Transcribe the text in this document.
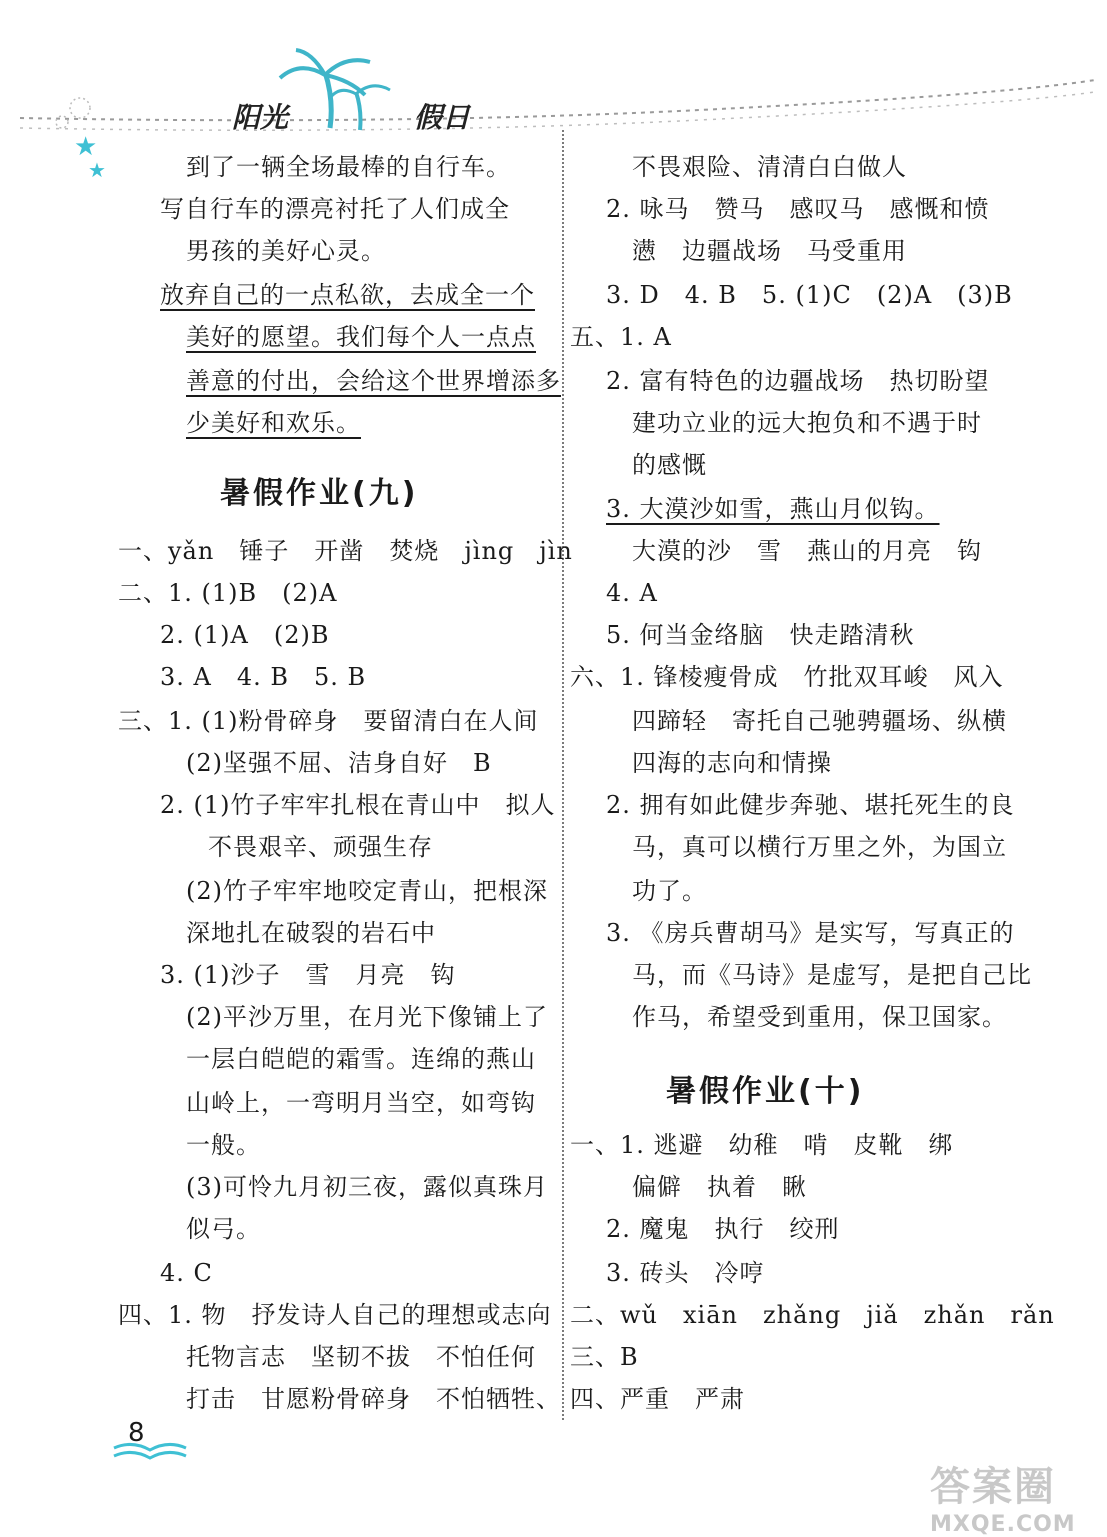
阳光	假日
★
★	到了一辆全场最棒的自行车。
写自行车的漂亮衬托了人们成全
男孩的美好心灵。
放弃自己的一点私欲，去成全一个
美好的愿望。我们每个人一点点
善意的付出，会给这个世界增添多
少美好和欢乐。
暑假作业(九)
一、yǎn　锤子　开凿　焚烧　jìng　jìn
二、1. (1)B　(2)A
2. (1)A　(2)B
3. A　4. B　5. B
三、1. (1)粉骨碎身　要留清白在人间
(2)坚强不屈、洁身自好　B
2. (1)竹子牢牢扎根在青山中　拟人
不畏艰辛、顽强生存
(2)竹子牢牢地咬定青山，把根深
深地扎在破裂的岩石中
3. (1)沙子　雪　月亮　钩
(2)平沙万里，在月光下像铺上了
一层白皑皑的霜雪。连绵的燕山
山岭上，一弯明月当空，如弯钩
一般。
(3)可怜九月初三夜，露似真珠月
似弓。
4. C
四、1. 物　抒发诗人自己的理想或志向
托物言志　坚韧不拔　不怕任何
打击　甘愿粉骨碎身　不怕牺牲、
不畏艰险、清清白白做人
2. 咏马　赞马　感叹马　感慨和愤
懑　边疆战场　马受重用
3. D　4. B　5. (1)C　(2)A　(3)B
五、1. A
2. 富有特色的边疆战场　热切盼望
建功立业的远大抱负和不遇于时
的感慨
3. 大漠沙如雪，燕山月似钩。
大漠的沙　雪　燕山的月亮　钩
4. A
5. 何当金络脑　快走踏清秋
六、1. 锋棱瘦骨成　竹批双耳峻　风入
四蹄轻　寄托自己驰骋疆场、纵横
四海的志向和情操
2. 拥有如此健步奔驰、堪托死生的良
马，真可以横行万里之外，为国立
功了。
3. 《房兵曹胡马》是实写，写真正的
马，而《马诗》是虚写，是把自己比
作马，希望受到重用，保卫国家。
暑假作业(十)
一、1. 逃避　幼稚　啃　皮靴　绑
偏僻　执着　瞅
2. 魔鬼　执行　绞刑
3. 砖头　冷哼
二、wǔ　xiān　zhǎng　jiǎ　zhǎn　rǎn
三、B
四、严重　严肃
8
答案圈
MXQE.COM
